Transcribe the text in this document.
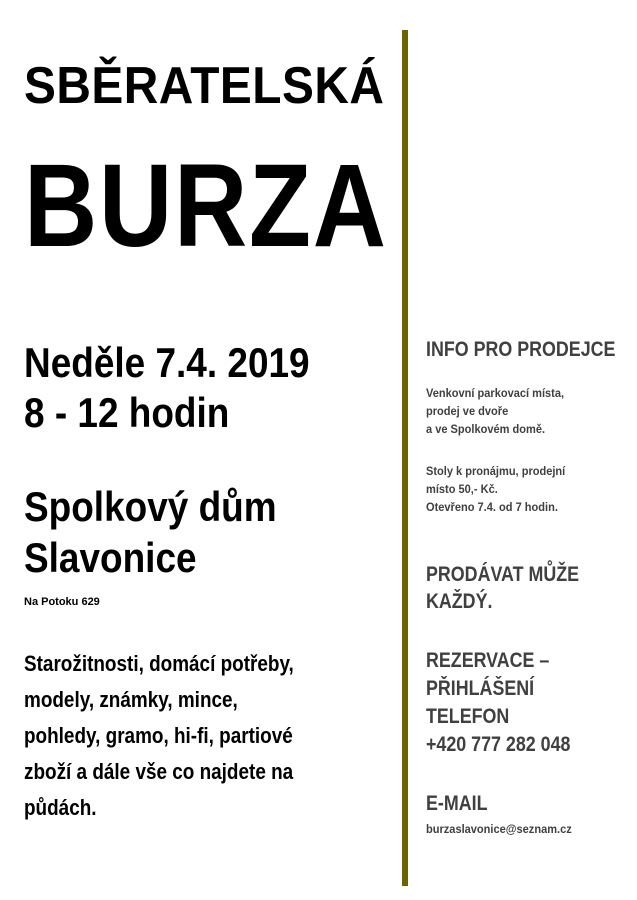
SBĚRATELSKÁ
BURZA
Neděle 7.4. 2019
8 - 12 hodin
Spolkový dům
Slavonice
Na Potoku 629
Starožitnosti, domácí potřeby,
modely, známky, mince,
pohledy, gramo, hi-fi, partiové
zboží a dále vše co najdete na
půdách.
INFO PRO PRODEJCE
Venkovní parkovací místa,
prodej ve dvoře
a ve Spolkovém domě.
Stoly k pronájmu, prodejní
místo 50,- Kč.
Otevřeno 7.4. od 7 hodin.
PRODÁVAT MŮŽE
KAŽDÝ.
REZERVACE –
PŘIHLÁŠENÍ
TELEFON
+420 777 282 048
E-MAIL
burzaslavonice@seznam.cz
